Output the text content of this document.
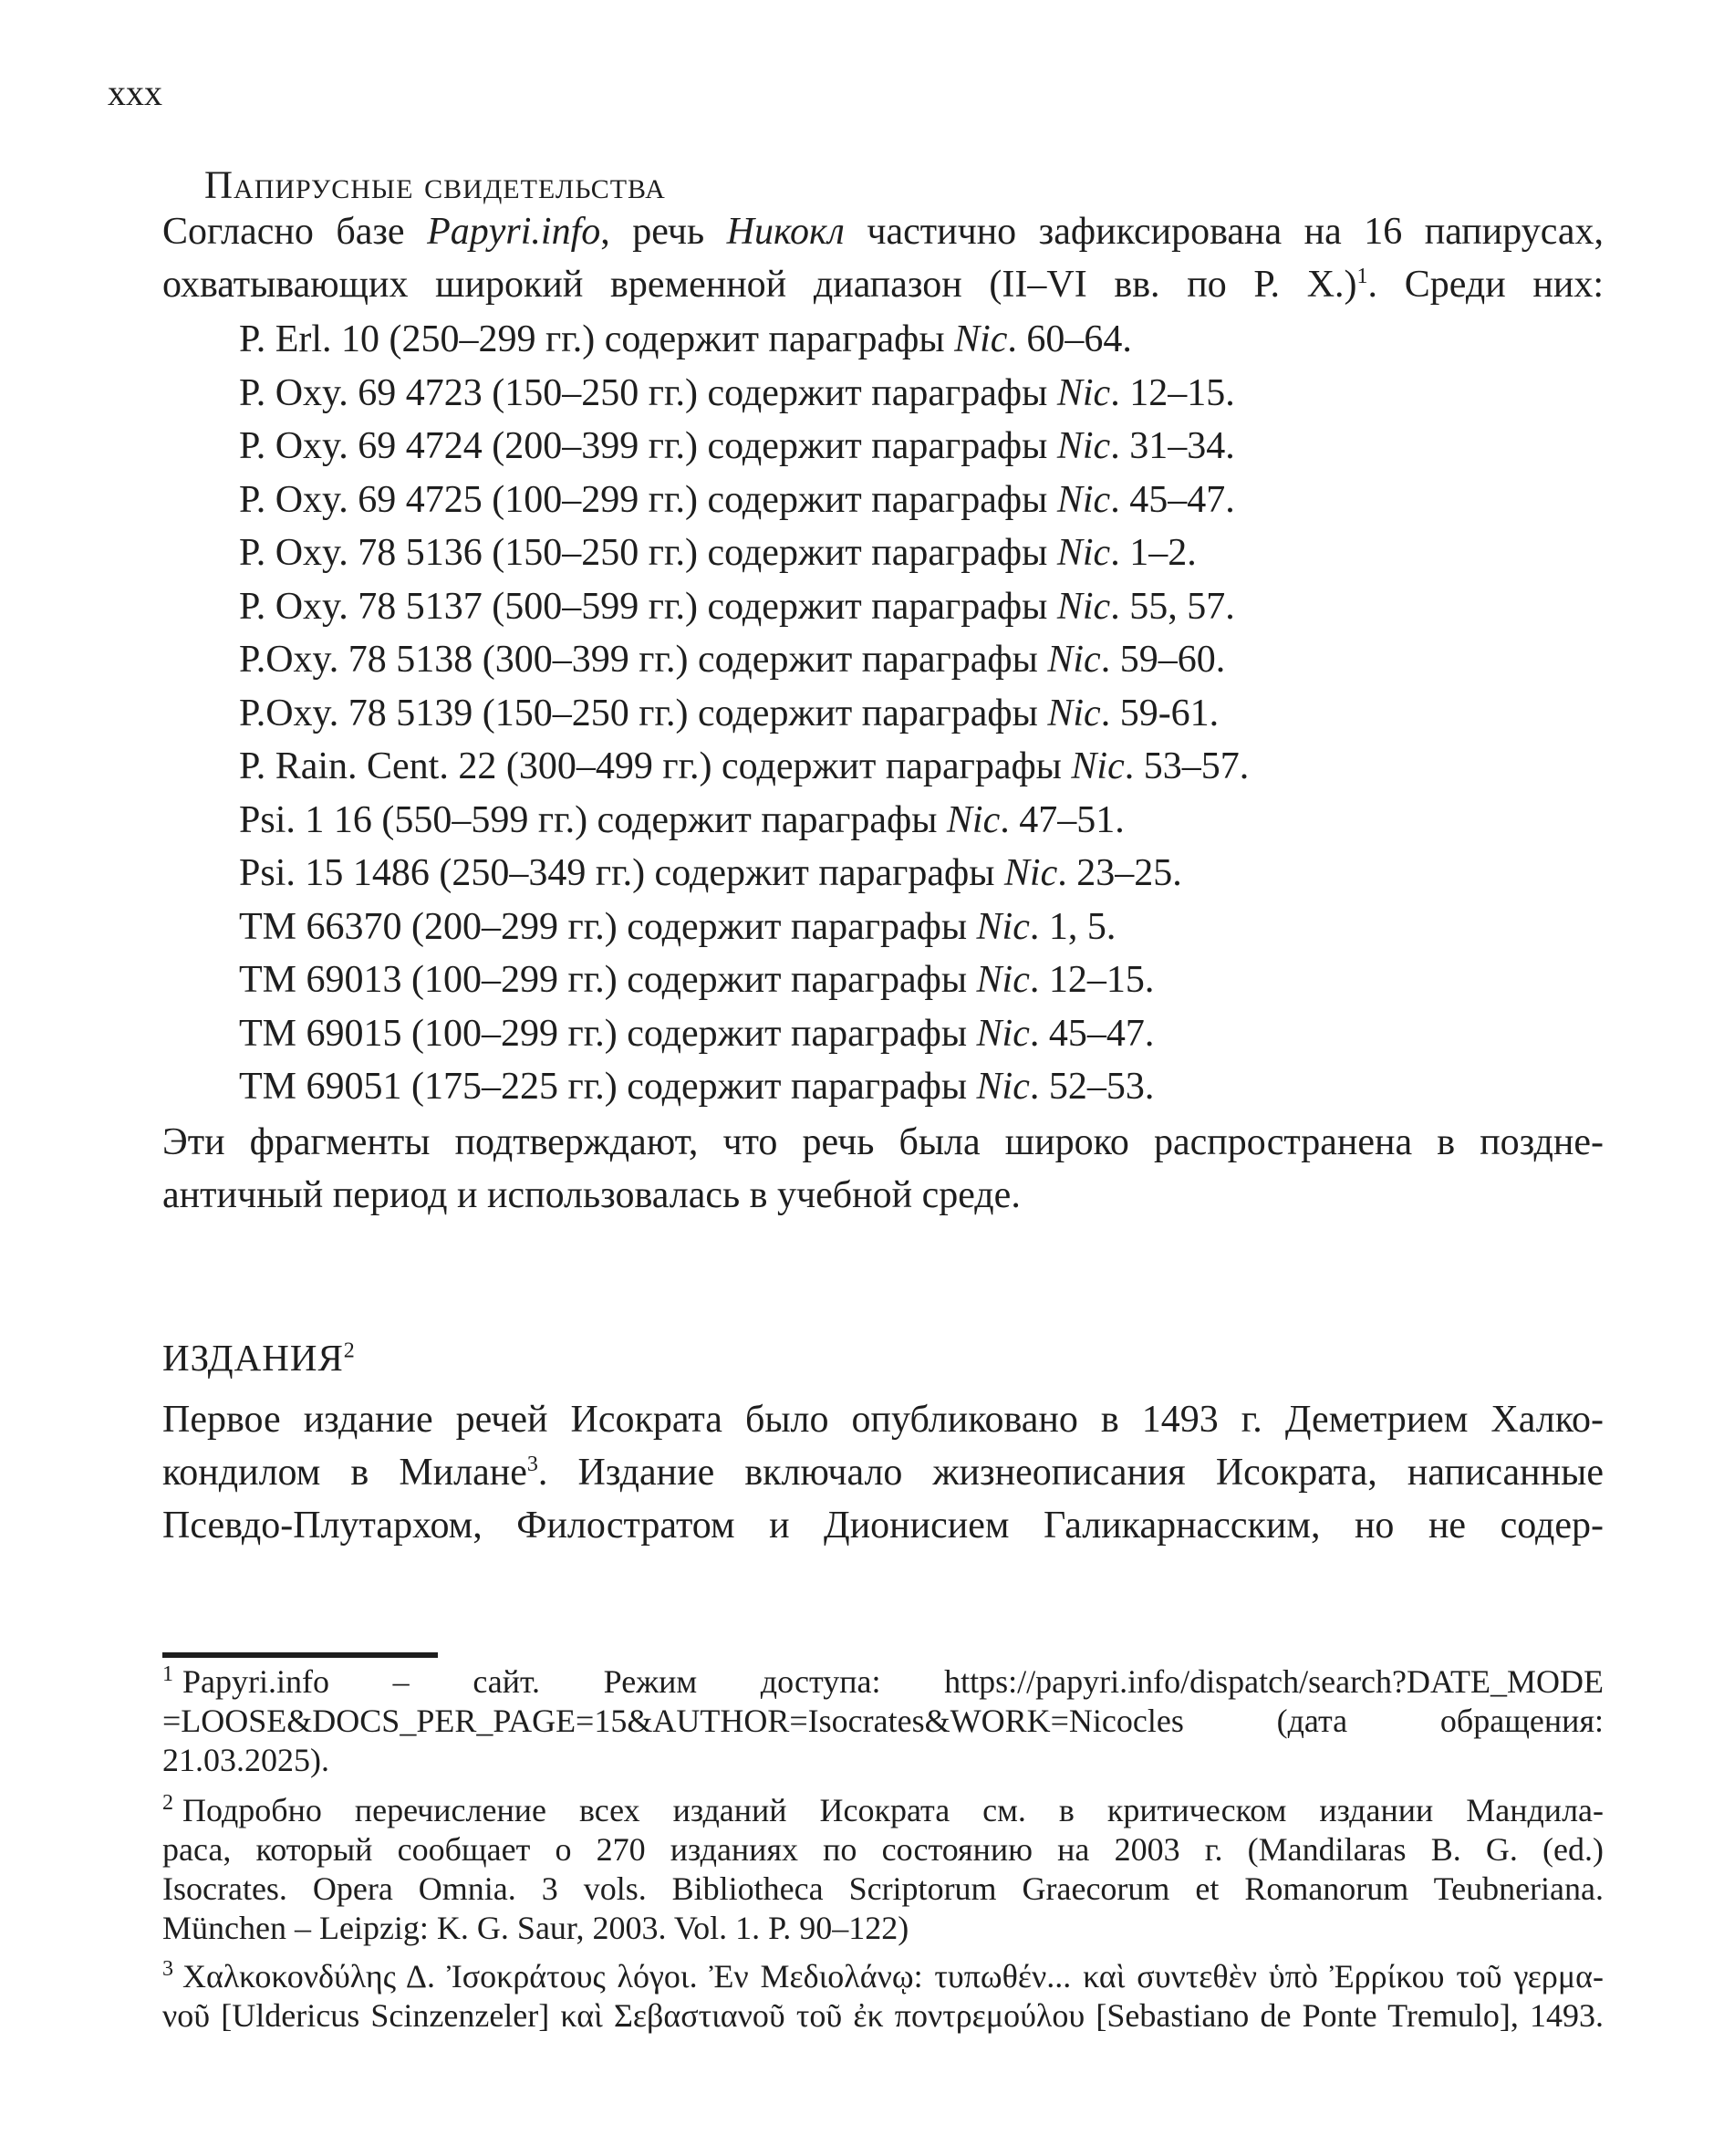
xxx
Папирусные свидетельства
Согласно базе Papyri.info, речь Никокл частично зафиксирована на 16 папирусах,
охватывающих широкий временной диапазон (II–VI вв. по Р. Х.)$^1$. Среди них:
P. Erl. 10 (250–299 гг.) содержит параграфы Nic. 60–64.
P. Oxy. 69 4723 (150–250 гг.) содержит параграфы Nic. 12–15.
P. Oxy. 69 4724 (200–399 гг.) содержит параграфы Nic. 31–34.
P. Oxy. 69 4725 (100–299 гг.) содержит параграфы Nic. 45–47.
P. Oxy. 78 5136 (150–250 гг.) содержит параграфы Nic. 1–2.
P. Oxy. 78 5137 (500–599 гг.) содержит параграфы Nic. 55, 57.
P.Oxy. 78 5138 (300–399 гг.) содержит параграфы Nic. 59–60.
P.Oxy. 78 5139 (150–250 гг.) содержит параграфы Nic. 59-61.
P. Rain. Cent. 22 (300–499 гг.) содержит параграфы Nic. 53–57.
Psi. 1 16 (550–599 гг.) содержит параграфы Nic. 47–51.
Psi. 15 1486 (250–349 гг.) содержит параграфы Nic. 23–25.
TM 66370 (200–299 гг.) содержит параграфы Nic. 1, 5.
TM 69013 (100–299 гг.) содержит параграфы Nic. 12–15.
TM 69015 (100–299 гг.) содержит параграфы Nic. 45–47.
TM 69051 (175–225 гг.) содержит параграфы Nic. 52–53.
Эти фрагменты подтверждают, что речь была широко распространена в поздне-
античный период и использовалась в учебной среде.
ИЗДАНИЯ$^2$
Первое издание речей Исократа было опубликовано в 1493 г. Деметрием Халко-
кондилом в Милане$^3$. Издание включало жизнеописания Исократа, написанные
Псевдо-Плутархом, Филостратом и Дионисием Галикарнасским, но не содер-
$^1$ Papyri.info – сайт. Режим доступа: https://papyri.info/dispatch/search?DATE_MODE
=LOOSE&DOCS_PER_PAGE=15&AUTHOR=Isocrates&WORK=Nicocles (дата обращения:
21.03.2025).
$^2$ Подробно перечисление всех изданий Исократа см. в критическом издании Мандила-
раса, который сообщает о 270 изданиях по состоянию на 2003 г. (Mandilaras B. G. (ed.)
Isocrates. Opera Omnia. 3 vols. Bibliotheca Scriptorum Graecorum et Romanorum Teubneriana.
München – Leipzig: K. G. Saur, 2003. Vol. 1. P. 90–122)
$^3$ Χαλκοκονδύλης Δ. Ἰσοκράτους λόγοι. Ἐν Μεδιολάνῳ: τυπωθέν... καὶ συντεθὲν ὑπὸ Ἐρρίκου τοῦ γερμα-
νοῦ [Uldericus Scinzenzeler] καὶ Σεβαστιανοῦ τοῦ ἐκ ποντρεμούλου [Sebastiano de Ponte Tremulo], 1493.
